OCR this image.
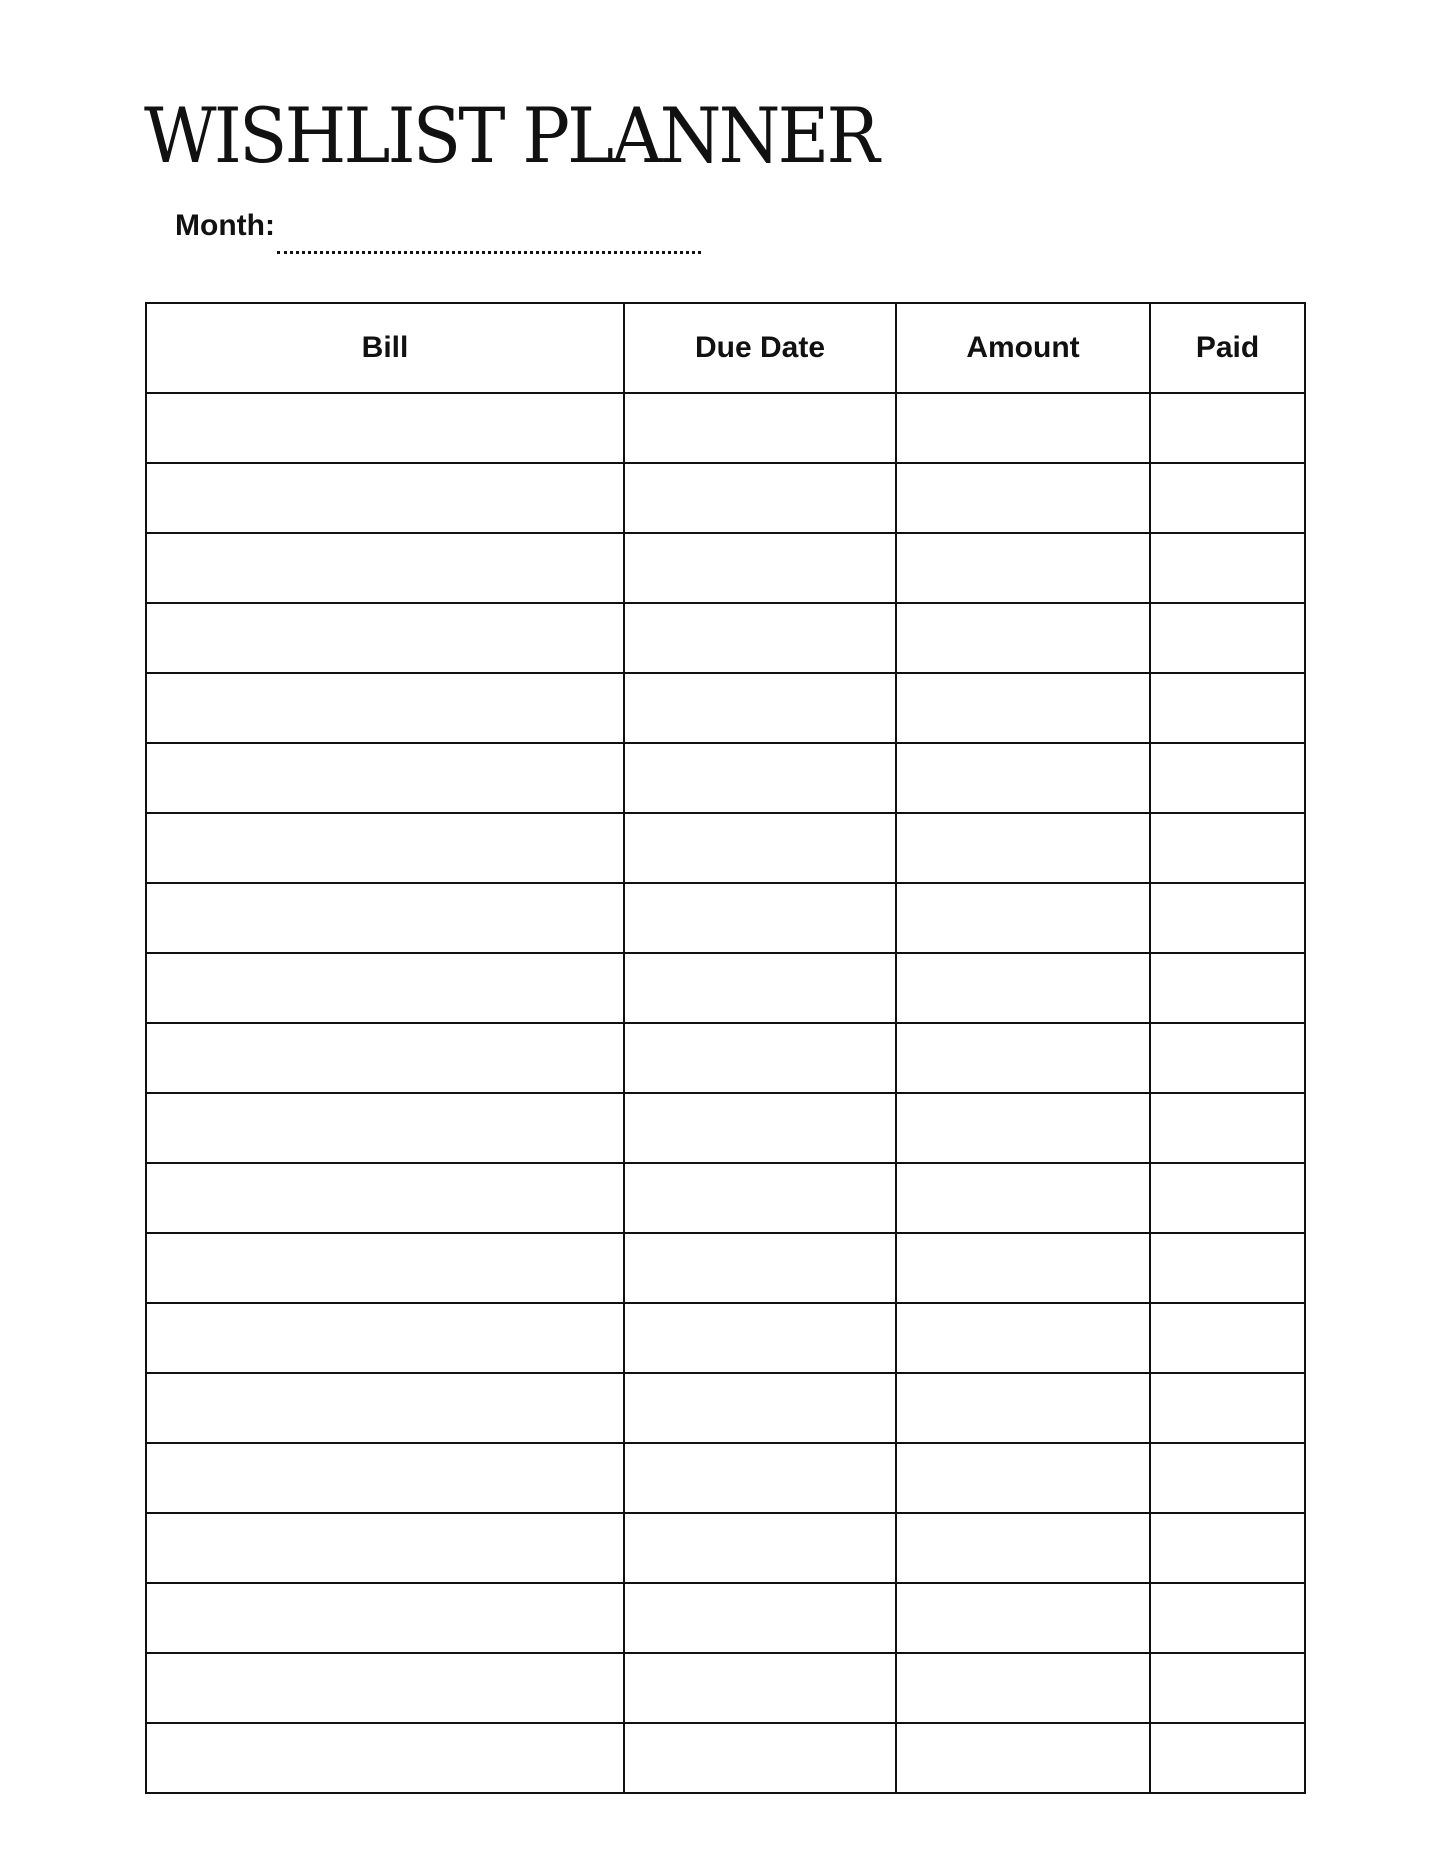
WISHLIST PLANNER
Month:
Bill	Due Date	Amount	Paid
